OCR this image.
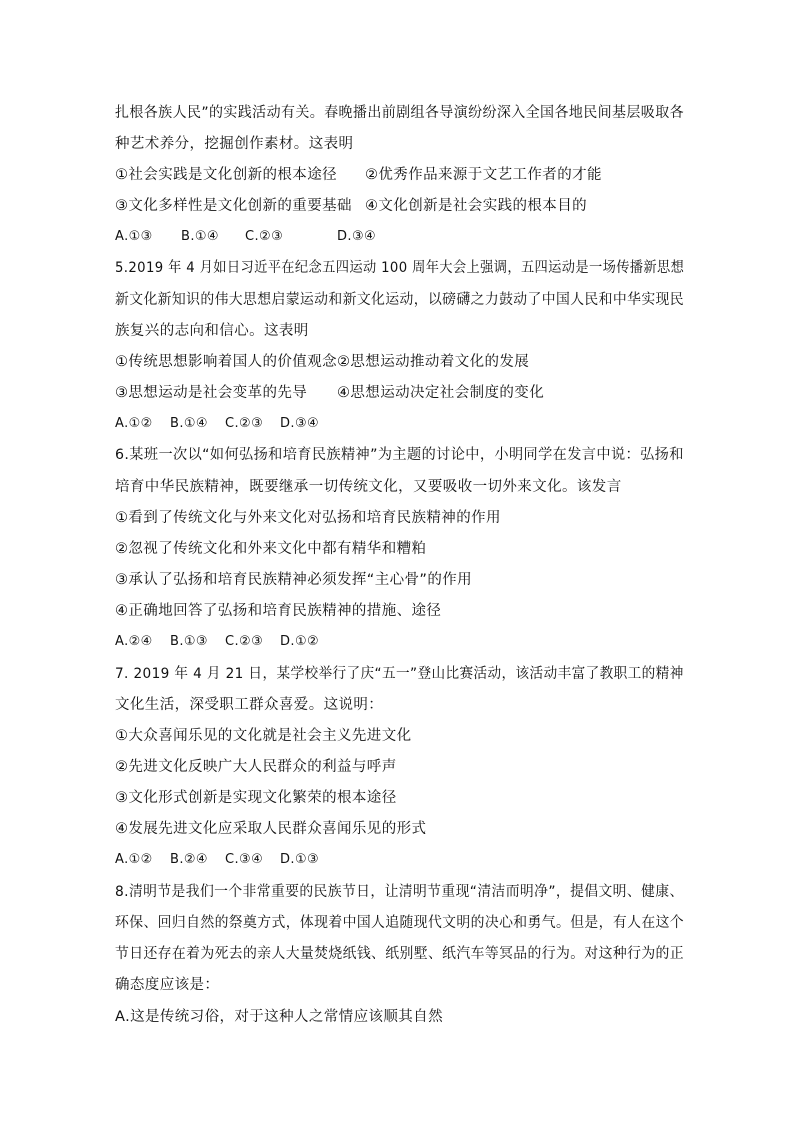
扎根各族人民”的实践活动有关。春晚播出前剧组各导演纷纷深入全国各地民间基层吸取各
种艺术养分，挖掘创作素材。这表明
①社会实践是文化创新的根本途径 ②优秀作品来源于文艺工作者的才能
③文化多样性是文化创新的重要基础 ④文化创新是社会实践的根本目的
A.①③ B.①④ C.②③	D.③④
5.2019 年 4 月如日习近平在纪念五四运动 100 周年大会上强调，五四运动是一场传播新思想
新文化新知识的伟大思想启蒙运动和新文化运动，以磅礴之力鼓动了中国人民和中华实现民
族复兴的志向和信心。这表明
①传统思想影响着国人的价值观念 ②思想运动推动着文化的发展
③思想运动是社会变革的先导 ④思想运动决定社会制度的变化
A.①② B.①④ C.②③ D.③④
6.某班一次以“如何弘扬和培育民族精神”为主题的讨论中，小明同学在发言中说：弘扬和
培育中华民族精神，既要继承一切传统文化，又要吸收一切外来文化。该发言
①看到了传统文化与外来文化对弘扬和培育民族精神的作用
②忽视了传统文化和外来文化中都有精华和糟粕
③承认了弘扬和培育民族精神必须发挥“主心骨”的作用
④正确地回答了弘扬和培育民族精神的措施、途径
A.②④ B.①③ C.②③ D.①②
7. 2019 年 4 月 21 日，某学校举行了庆“五一”登山比赛活动，该活动丰富了教职工的精神
文化生活，深受职工群众喜爱。这说明：
①大众喜闻乐见的文化就是社会主义先进文化
②先进文化反映广大人民群众的利益与呼声
③文化形式创新是实现文化繁荣的根本途径
④发展先进文化应采取人民群众喜闻乐见的形式
A.①② B.②④ C.③④ D.①③
8.清明节是我们一个非常重要的民族节日，让清明节重现“清洁而明净”，提倡文明、健康、
环保、回归自然的祭奠方式，体现着中国人追随现代文明的决心和勇气。但是，有人在这个
节日还存在着为死去的亲人大量焚烧纸钱、纸别墅、纸汽车等冥品的行为。对这种行为的正
确态度应该是：
A.这是传统习俗，对于这种人之常情应该顺其自然
